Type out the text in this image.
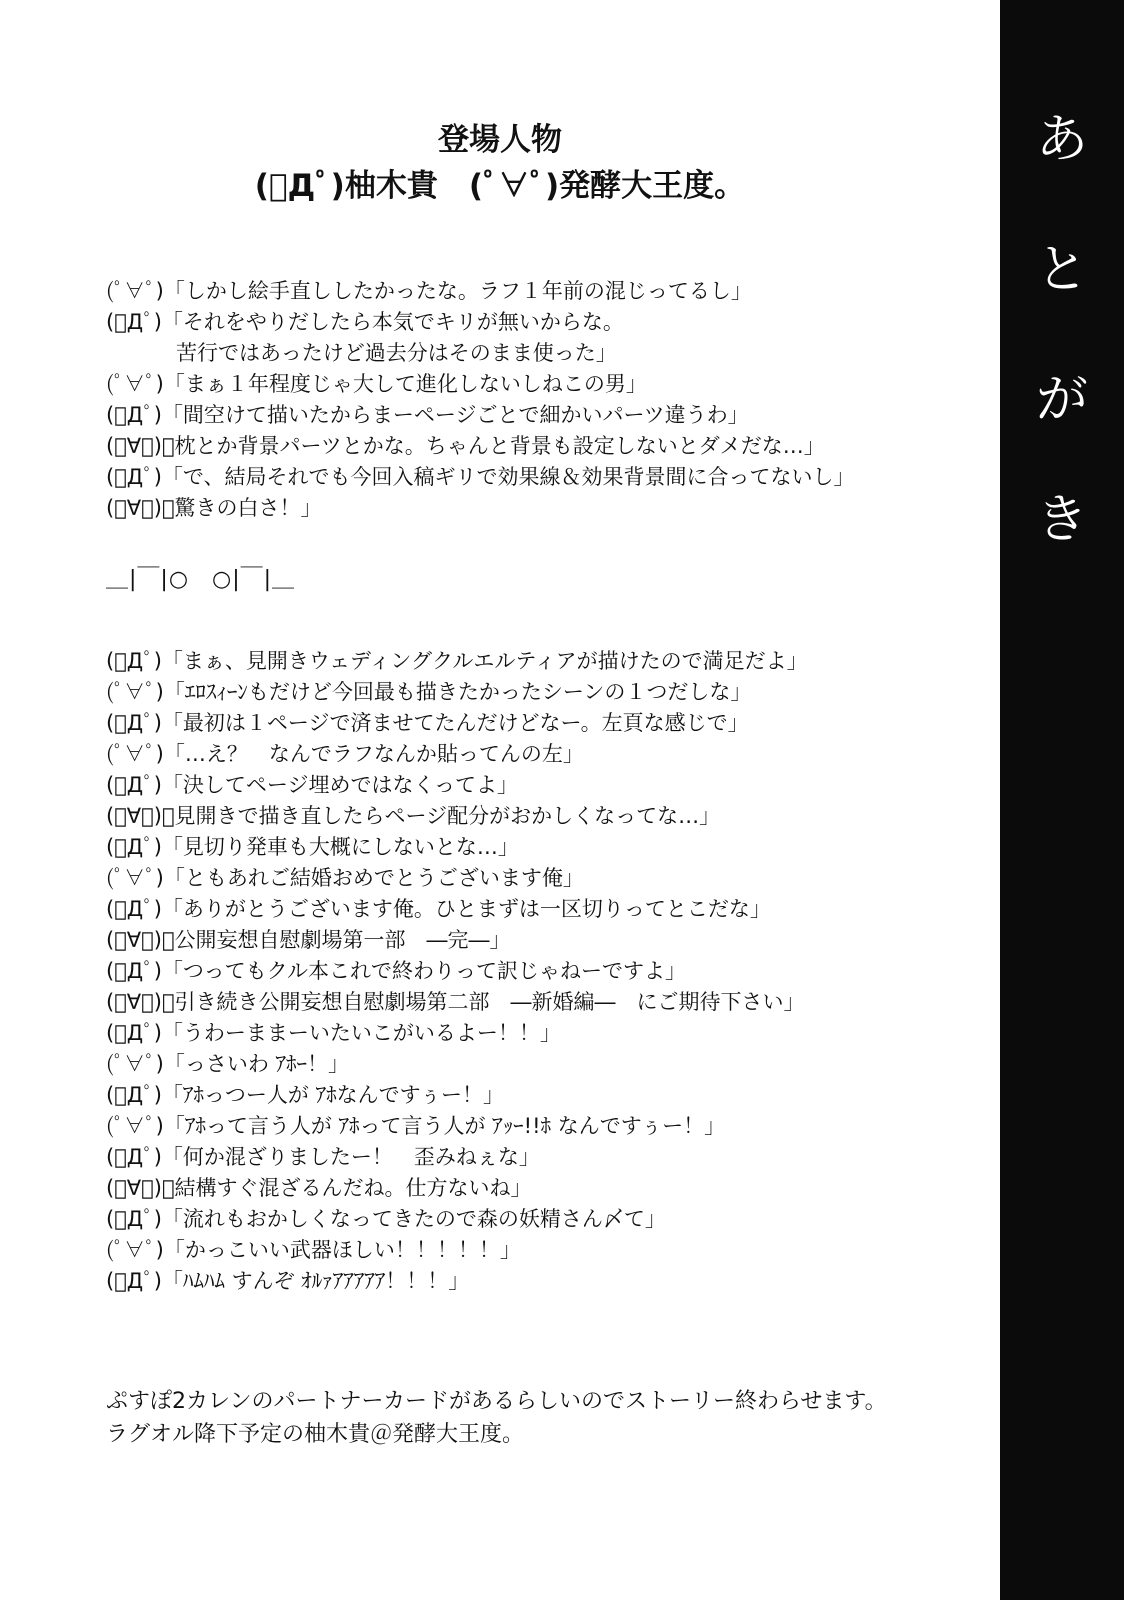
登場人物
(ﾟДﾟ)柚木貴　(ﾟ∀ﾟ)発酵大王度。
(ﾟ∀ﾟ)「しかし絵手直ししたかったな。ラフ１年前の混じってるし」
(ﾟДﾟ)「それをやりだしたら本気でキリが無いからな。
苦行ではあったけど過去分はそのまま使った」
(ﾟ∀ﾟ)「まぁ１年程度じゃ大して進化しないしねこの男」
(ﾟДﾟ)「間空けて描いたからまーページごとで細かいパーツ違うわ」
(ﾟ∀ﾟ)「枕とか背景パーツとかな。ちゃんと背景も設定しないとダメだな…」
(ﾟДﾟ)「で、結局それでも今回入稿ギリで効果線＆効果背景間に合ってないし」
(ﾟ∀ﾟ)「驚きの白さ！」
＿|￣|○　○|￣|＿
(ﾟДﾟ)「まぁ、見開きウェディングクルエルティアが描けたので満足だよ」
(ﾟ∀ﾟ)「ｴﾛｽｨｰﾝもだけど今回最も描きたかったシーンの１つだしな」
(ﾟДﾟ)「最初は１ページで済ませてたんだけどなー。左頁な感じで」
(ﾟ∀ﾟ)「…え？　なんでラフなんか貼ってんの左」
(ﾟДﾟ)「決してページ埋めではなくってよ」
(ﾟ∀ﾟ)「見開きで描き直したらページ配分がおかしくなってな…」
(ﾟДﾟ)「見切り発車も大概にしないとな…」
(ﾟ∀ﾟ)「ともあれご結婚おめでとうございます俺」
(ﾟДﾟ)「ありがとうございます俺。ひとまずは一区切りってとこだな」
(ﾟ∀ﾟ)「公開妄想自慰劇場第一部　―完―」
(ﾟДﾟ)「つってもクル本これで終わりって訳じゃねーですよ」
(ﾟ∀ﾟ)「引き続き公開妄想自慰劇場第二部　―新婚編―　にご期待下さい」
(ﾟДﾟ)「うわーままーいたいこがいるよー！！」
(ﾟ∀ﾟ)「っさいわ ｱﾎｰ！」
(ﾟДﾟ)「ｱﾎっつー人が ｱﾎなんですぅー！」
(ﾟ∀ﾟ)「ｱﾎって言う人が ｱﾎって言う人が ｱｯｰ!!ﾎ なんですぅー！」
(ﾟДﾟ)「何か混ざりましたー！　歪みねぇな」
(ﾟ∀ﾟ)「結構すぐ混ざるんだね。仕方ないね」
(ﾟДﾟ)「流れもおかしくなってきたので森の妖精さん〆て」
(ﾟ∀ﾟ)「かっこいい武器ほしい！！！！！」
(ﾟДﾟ)「ﾊﾑﾊﾑ すんぞ ｵﾙｧｱｱｱｱｱ！！！」
ぷすぽ2カレンのパートナーカードがあるらしいのでストーリー終わらせます。
ラグオル降下予定の柚木貴＠発酵大王度。
あ
と
が
き
